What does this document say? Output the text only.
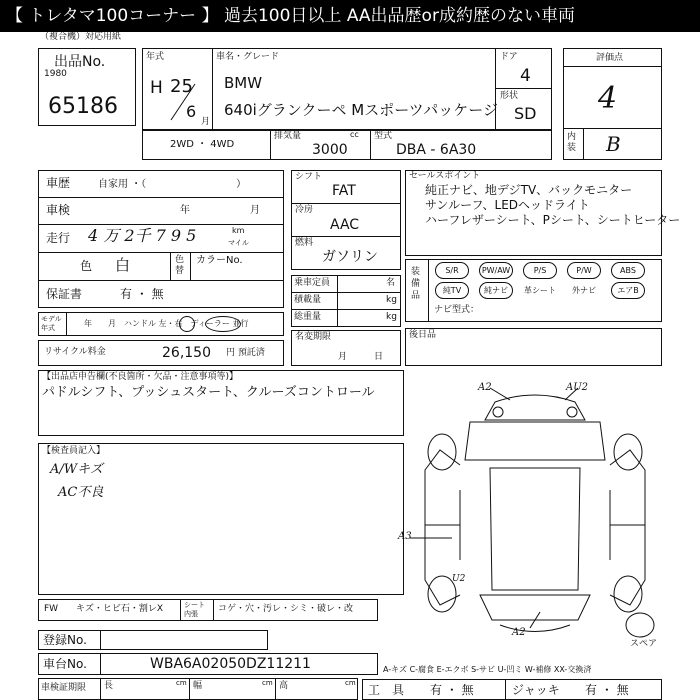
【 トレタマ100コーナー 】 過去100日以上 AA出品歴or成約歴のない車両
（複合機）対応用紙
出品No.
1980
65186
年式
H 25
6
月
車名・グレード
BMW
640iグランクーペ Mスポーツパッケージ
ドア
4
形状
SD
評価点
4
内装 B
2WD ・ 4WD
排気量	cc
3000
型式
DBA - 6A30
車歴	自家用 ・（　　　　　　　　　）
車検	年　　　　　　月
走行 4 万 2千 7 9 5	km
マイル
色 白	色替
カラーNo.
保証書	有 ・ 無
モデル年式	年　　月　ハンドル 左・右　ディーラー 並行
リサイクル料金	26,150 円 預託済
シフト
FAT
冷房
AAC
燃料
ガソリン
乗車定員	名
積載量	kg
総重量	kg
名変期限
月　　　日
セールスポイント
純正ナビ、地デジTV、バックモニター
サンルーフ、LEDヘッドライト
ハーフレザーシート、Pシート、シートヒーター
装備品
S/R	PW/AW	P/S	P/W	ABS
純TV	純ナビ	革シート	外ナビ	エアB
ナビ型式：
後日品
【出品店申告欄(不良箇所・欠品・注意事項等)】
パドルシフト、プッシュスタート、クルーズコントロール
【検査員記入】
A/Wキズ
AC不良
FW キズ・ヒビ石・割レX	シート内張	コゲ・穴・汚レ・シミ・破レ・改
登録No.
車台No.	WBA6A02050DZ11211
車検証期限 長	cm 幅	cm 高	cm
A2	AU2
A3
U2
A2
スペア
A-キズ C-腐食 E-エクボ S-サビ U-凹ミ W-補修 XX-交換済
工　具 有 ・ 無	ジャッキ 有 ・ 無
